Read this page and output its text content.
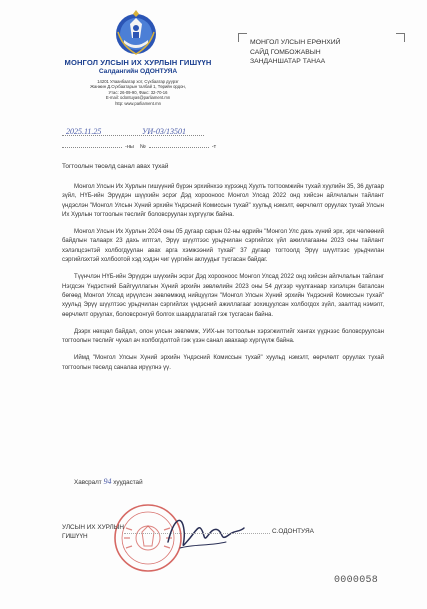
МОНГОЛ УЛСЫН ИХ ХУРЛЫН ГИШҮҮН
Салдангийн ОДОНТУЯА
14201 Улаанбаатар хот, Сүхбаатар дүүрэг
Жанжин Д.Сүхбаатарын талбай 1, Төрийн ордон,
Утас: 26-09-90, Факс: 32-70-16
E-mail: odontuyas@parliament.mn
http: www.parliament.mn
2025.11.25	УИ-03/13501
-ны №	-т
МОНГОЛ УЛСЫН ЕРӨНХИЙ
САЙД ГОМБОЖАВЫН
ЗАНДАНШАТАР ТАНАА
Тогтоолын төсөлд санал авах тухай

Монгол Улсын Их Хурлын гишүүний бүрэн эрхийнхээ хүрээнд Хуулъ тогтоомжийн тухай хуулийн 35, 36 дугаар зүйл, НҮБ-ийн Эрүүдэн шүүхийн эсрэг Дэд хорооноос Монгол Улсад 2022 онд хийсэн айлчлалын тайлант үндэслэн "Монгол Улсын Хүний эрхийн Үндэсний Комиссын тухай" хуульд нэмэлт, өөрчлөлт оруулах тухай Улсын Их Хурлын тогтоолын төслийг боловсруулан хүргүүлж байна.

Монгол Улсын Их Хурлын 2024 оны 05 дугаар сарын 02-ны өдрийн "Монгол Улс дахь хүний эрх, эрх чөлөөний байдлын талаарх 23 дахь илтгэл, Эрүү шүүлтээс урьдчилан сэргийлэх үйл ажиллагааны 2023 оны тайлант хэлэлцсэнтэй холбогдуулан авах арга хэмжээний тухай" 37 дугаар тогтоолд Эрүү шүүлтээс урьдчилан сэргийлэхтэй холбоотой хэд хэдэн чиг үүргийн аклуудыг тусгасан байдаг.

Түүнчлэн НҮБ-ийн Эрүүдэн шүүхийн эсрэг Дэд хорооноос Монгол Улсад 2022 онд хийсэн айлчлалын тайланг Нэгдсэн Үндэстний Байгууллагын Хүний эрхийн зөвлөлийн 2023 оны 54 дүгээр чуулганаар хэлэлцэн баталсан бөгөөд Монгол Улсад ирүүлсэн зөвлөмжид нийцүүлэн "Монгол Улсын Хүний эрхийн Үндэсний Комиссын тухай" хуульд Эрүү шүүлтээс урьдчилан сэргийлэх үндэсний ажиллагааг зохицуулсан холбогдох зүйл, заалтад нэмэлт, өөрчлөлт оруулах, боловсронгуй болгох шаардлагатай гэж тусгасан байна.

Дээрх нөхцөл байдал, олон улсын зөвлөмж, УИХ-ын тогтоолын хэрэгжилтийг хангах үүднээс боловсруулсан тогтоолын төслийг чухал ач холбогдолтой гэж үзэн санал авахаар хүргүүлж байна.

Иймд "Монгол Улсын Хүний эрхийн Үндэсний Комиссын тухай" хуульд нэмэлт, өөрчлөлт оруулах тухай тогтоолын төсөлд саналаа ирүүлнэ үү.

Хавсралт 94 хуудастай
УЛСЫН ИХ ХУРЛЫН
ГИШҮҮН
С.ОДОНТУЯА
0000058
